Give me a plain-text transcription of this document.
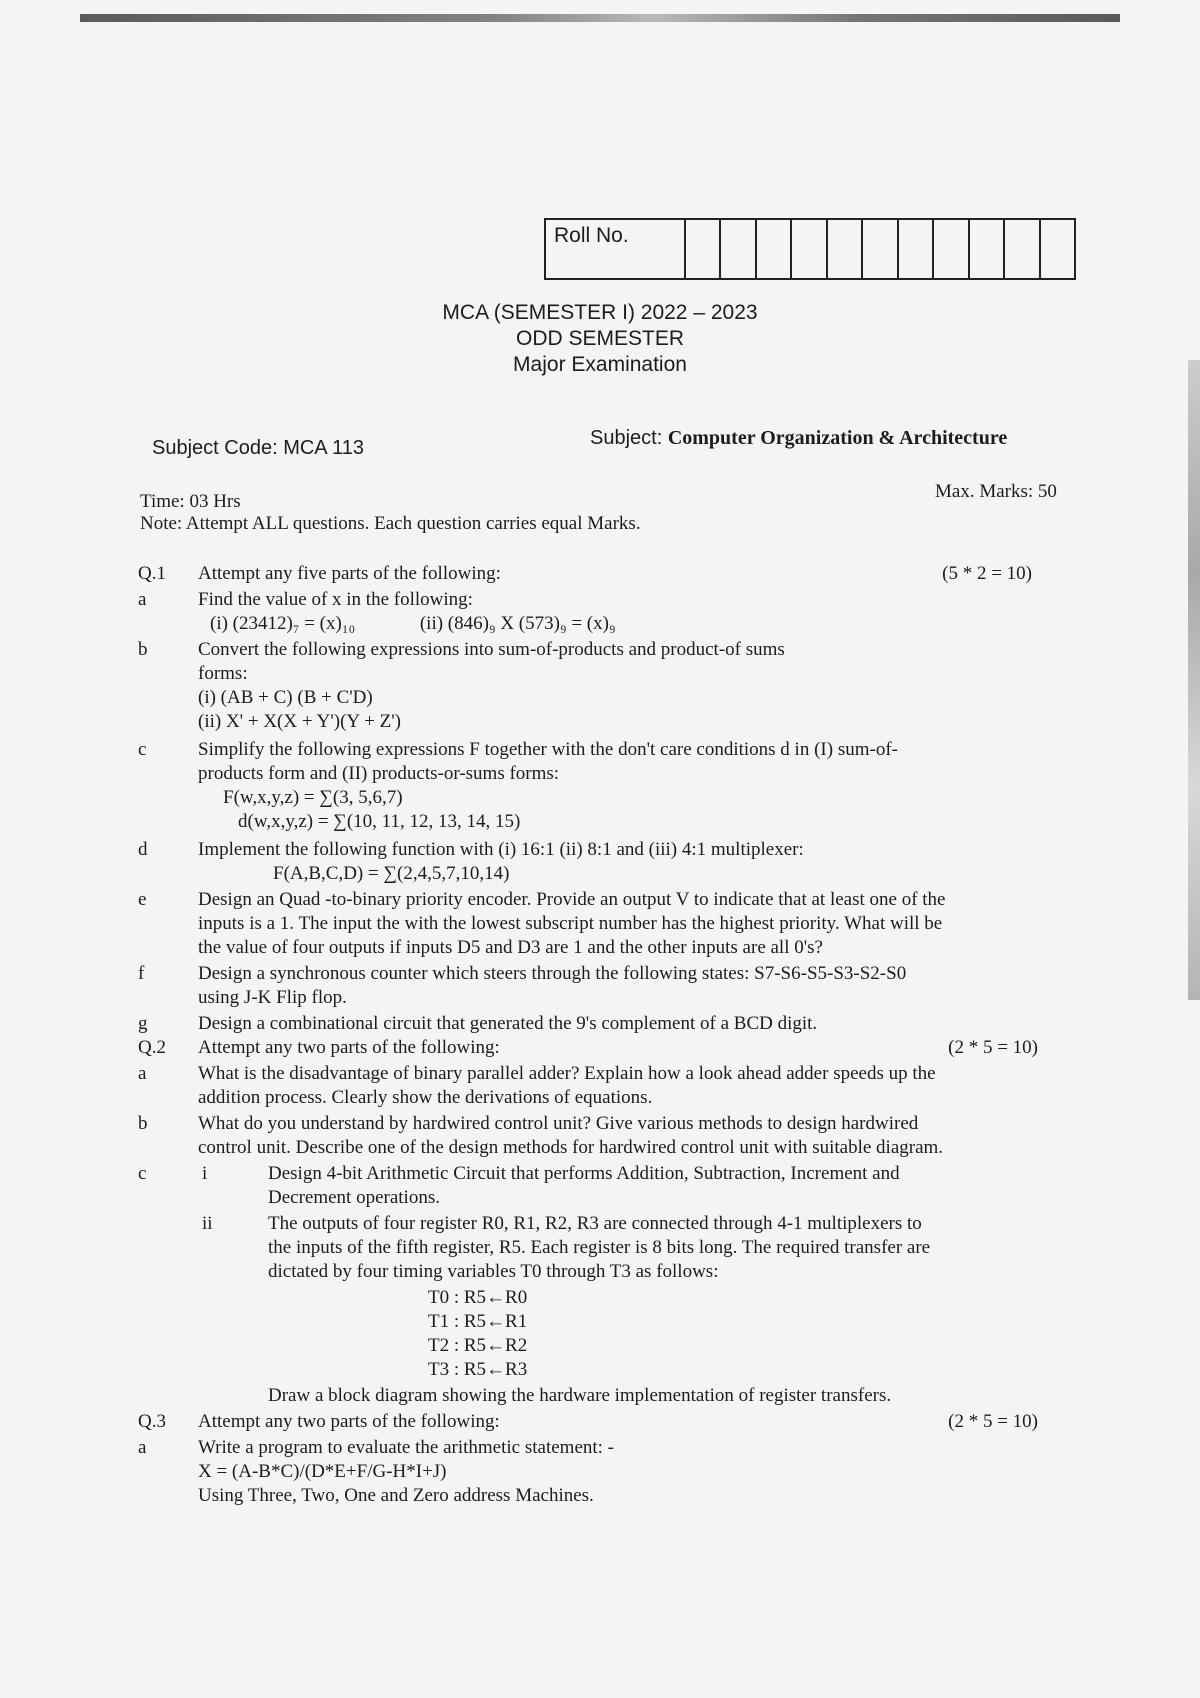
Roll No.
MCA (SEMESTER I) 2022 – 2023
ODD SEMESTER
Major Examination
Subject Code: MCA 113	Subject: Computer Organization & Architecture
Time: 03 Hrs	Max. Marks: 50
Note: Attempt ALL questions. Each question carries equal Marks.
Q.1	Attempt any five parts of the following:	(5 * 2 = 10)
a	Find the value of x in the following:
(i) (23412)₇ = (x)₁₀	(ii) (846)₉ X (573)₉ = (x)₉
b	Convert the following expressions into sum-of-products and product-of sums
forms:
(i) (AB + C) (B + C'D)
(ii) X' + X(X + Y')(Y + Z')
c	Simplify the following expressions F together with the don't care conditions d in (I) sum-of-
products form and (II) products-or-sums forms:
F(w,x,y,z) = ∑(3, 5,6,7)
d(w,x,y,z) = ∑(10, 11, 12, 13, 14, 15)
d	Implement the following function with (i) 16:1 (ii) 8:1 and (iii) 4:1 multiplexer:
F(A,B,C,D) = ∑(2,4,5,7,10,14)
e	Design an Quad -to-binary priority encoder. Provide an output V to indicate that at least one of the
inputs is a 1. The input the with the lowest subscript number has the highest priority. What will be
the value of four outputs if inputs D5 and D3 are 1 and the other inputs are all 0's?
f	Design a synchronous counter which steers through the following states: S7-S6-S5-S3-S2-S0
using J-K Flip flop.
g	Design a combinational circuit that generated the 9's complement of a BCD digit.
Q.2	Attempt any two parts of the following:	(2 * 5 = 10)
a	What is the disadvantage of binary parallel adder? Explain how a look ahead adder speeds up the
addition process. Clearly show the derivations of equations.
b	What do you understand by hardwired control unit? Give various methods to design hardwired
control unit. Describe one of the design methods for hardwired control unit with suitable diagram.
c	i	Design 4-bit Arithmetic Circuit that performs Addition, Subtraction, Increment and
Decrement operations.
ii	The outputs of four register R0, R1, R2, R3 are connected through 4-1 multiplexers to
the inputs of the fifth register, R5. Each register is 8 bits long. The required transfer are
dictated by four timing variables T0 through T3 as follows:
T0 : R5←R0
T1 : R5←R1
T2 : R5←R2
T3 : R5←R3
Draw a block diagram showing the hardware implementation of register transfers.
Q.3	Attempt any two parts of the following:	(2 * 5 = 10)
a	Write a program to evaluate the arithmetic statement: -
X = (A-B*C)/(D*E+F/G-H*I+J)
Using Three, Two, One and Zero address Machines.
